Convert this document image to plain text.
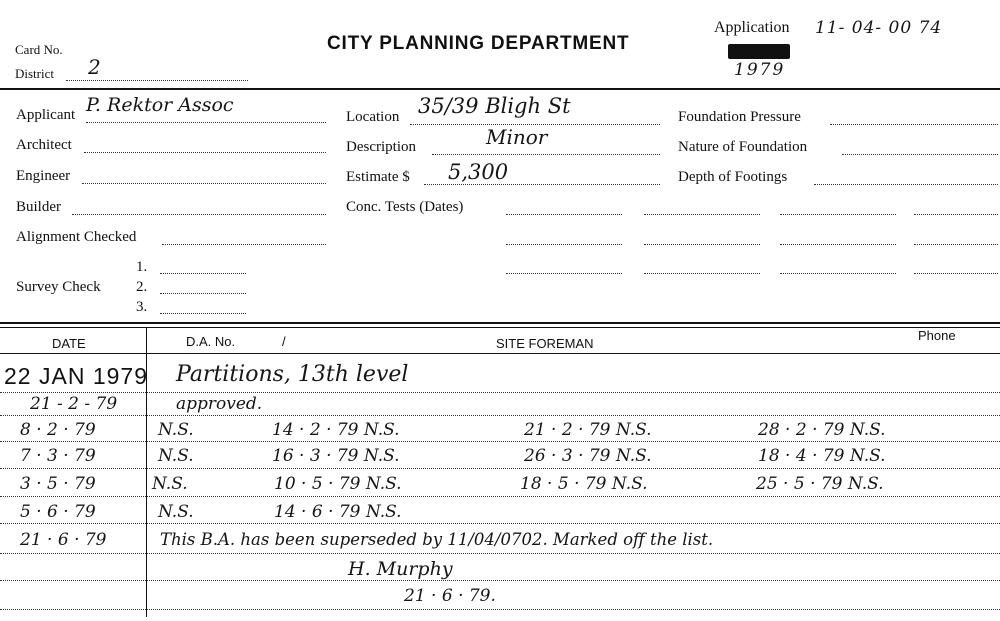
Card No.
District 2
CITY PLANNING DEPARTMENT
Application 11- 04- 00 74
1979
Applicant P. Rektor Assoc
Architect
Engineer
Builder
Alignment Checked
Survey Check
1.
2.
3.
Location 35/39 Bligh St
Description	Minor
Estimate $ 5,300
Conc. Tests (Dates)
Foundation Pressure
Nature of Foundation
Depth of Footings
DATE	D.A. No.	/	SITE FOREMAN
Phone
22 JAN 1979 Partitions, 13th level
21 - 2 - 79	approved.
8 · 2 · 79	N.S.	14 · 2 · 79 N.S.	21 · 2 · 79 N.S.	28 · 2 · 79 N.S.
7 · 3 · 79	N.S.	16 · 3 · 79 N.S.	26 · 3 · 79 N.S.	18 · 4 · 79 N.S.
3 · 5 · 79	N.S.	10 · 5 · 79 N.S.	18 · 5 · 79 N.S.	25 · 5 · 79 N.S.
5 · 6 · 79	N.S.	14 · 6 · 79 N.S.
21 · 6 · 79	This B.A. has been superseded by 11/04/0702. Marked off the list.
H. Murphy
21 · 6 · 79.
